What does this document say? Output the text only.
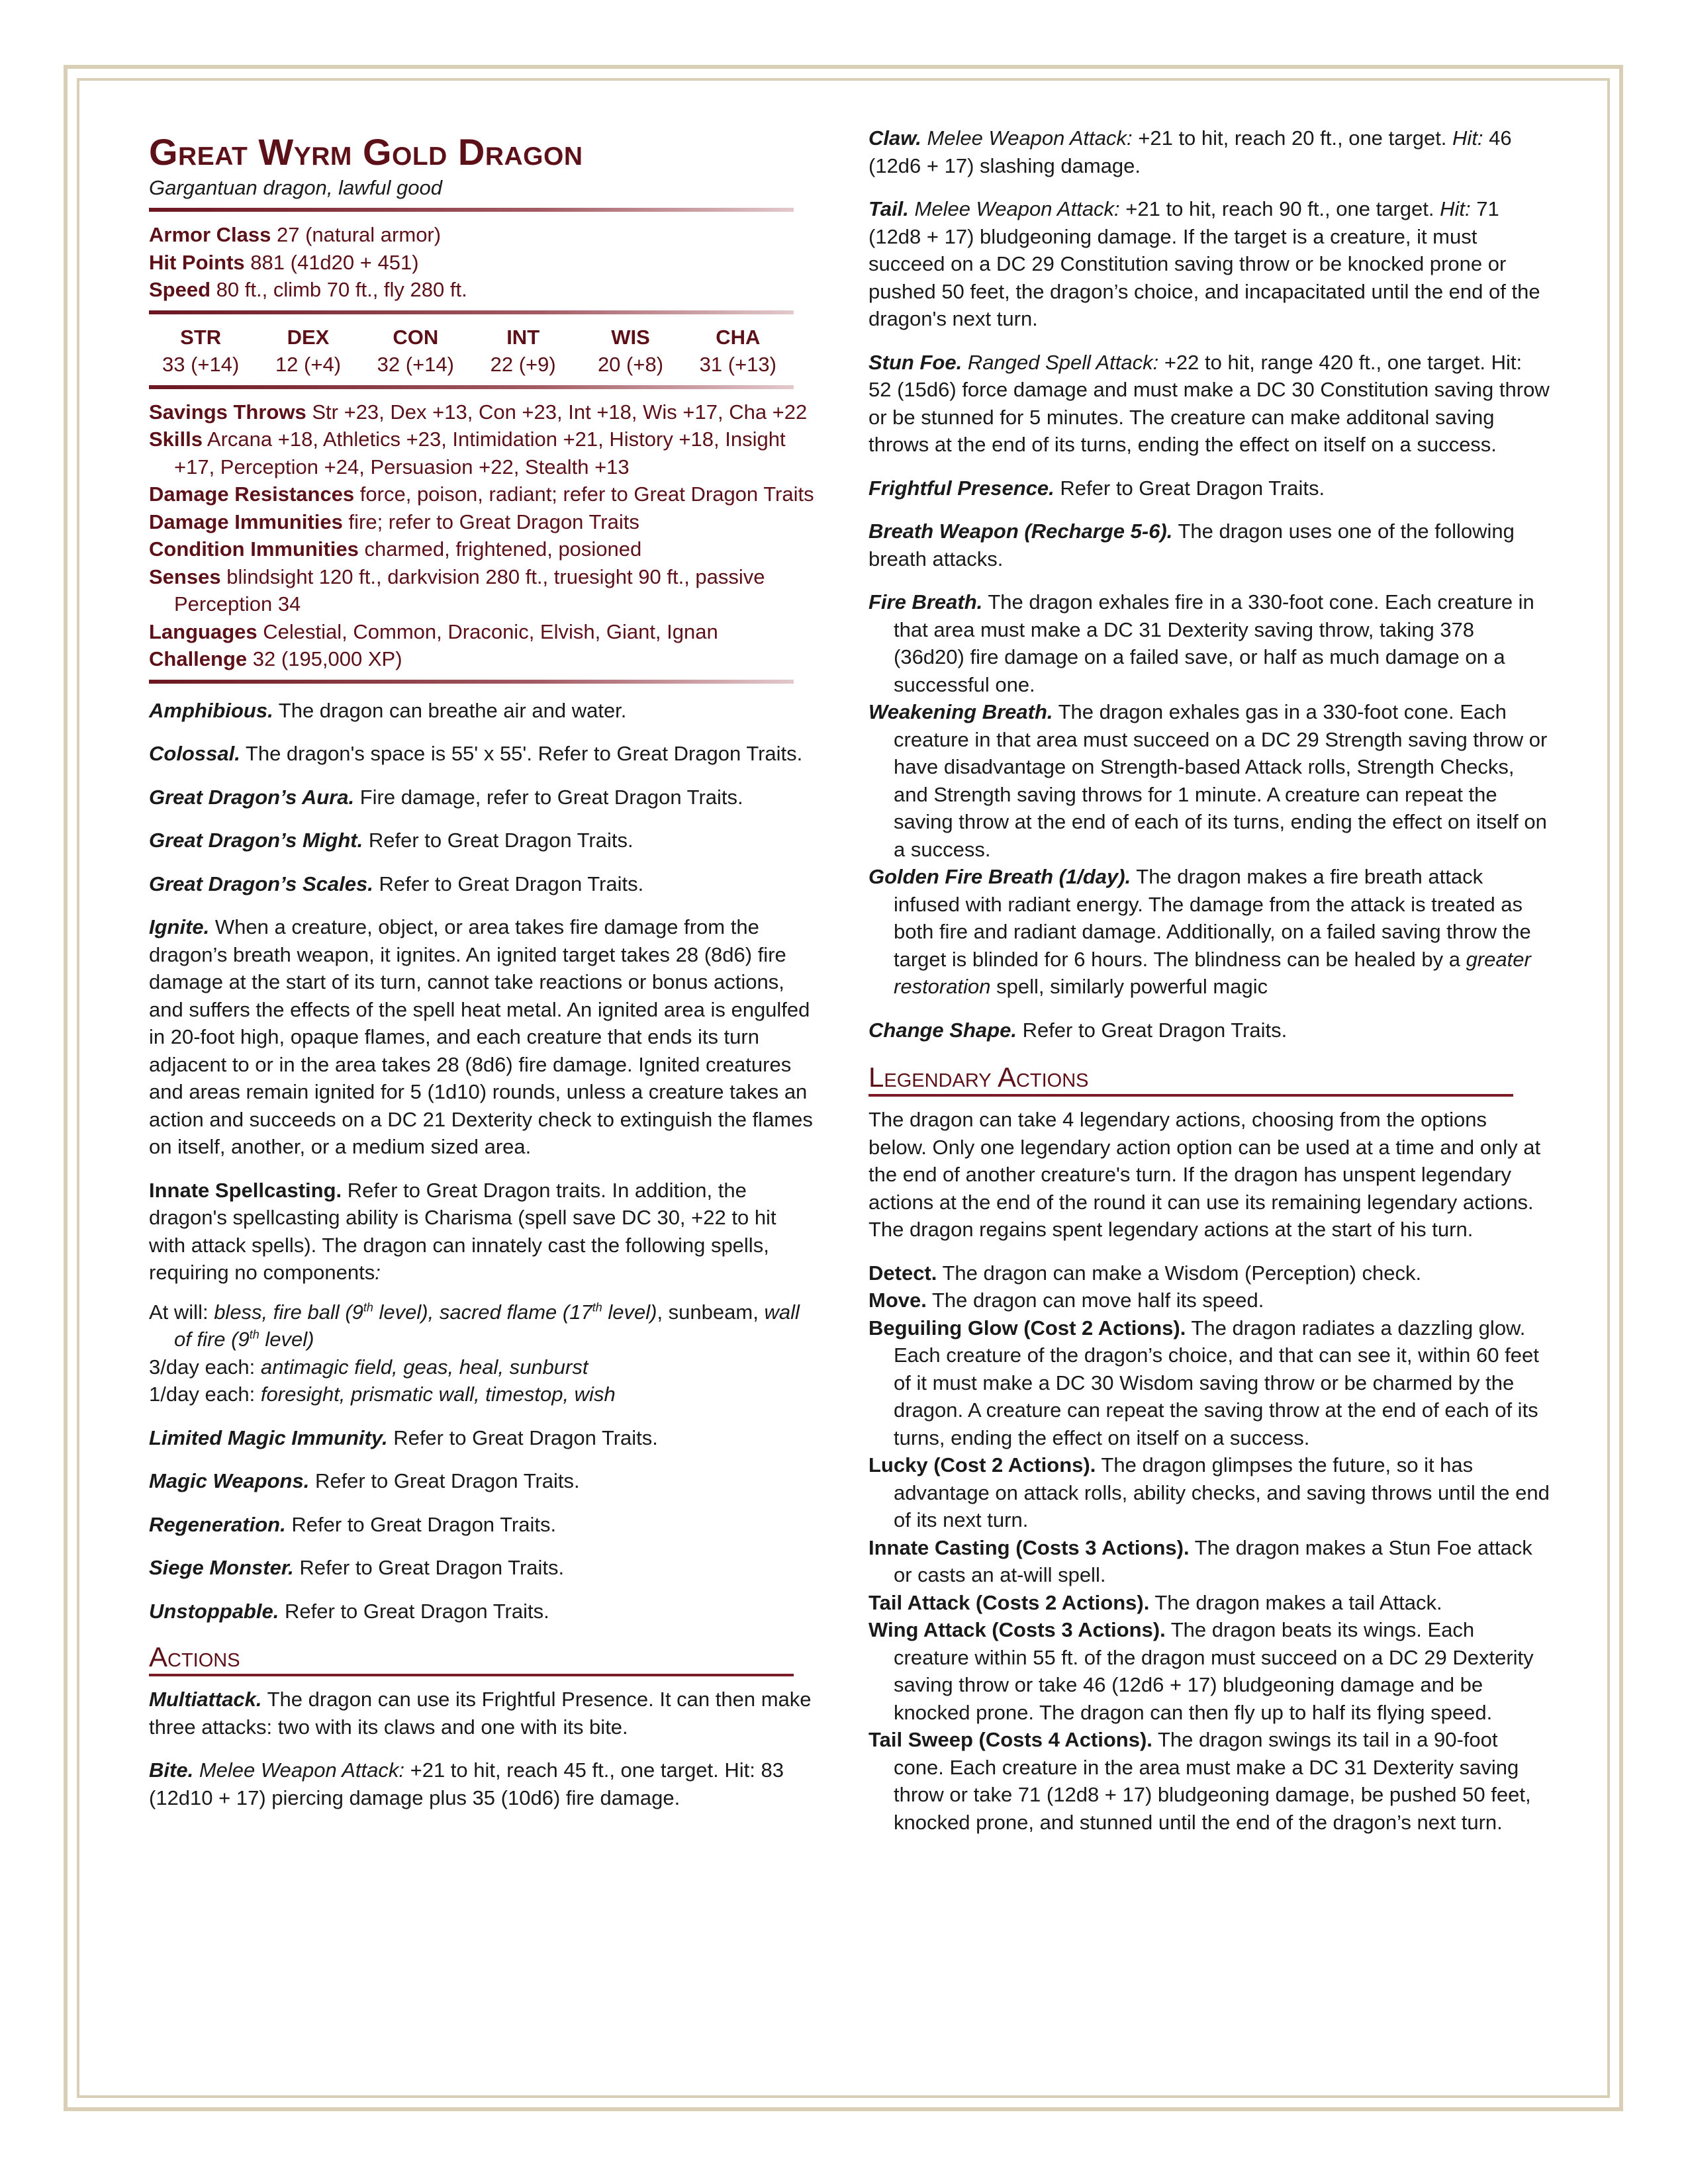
Great Wyrm Gold Dragon
Gargantuan dragon, lawful good

Armor Class 27 (natural armor)

Hit Points 881 (41d20 + 451)

Speed 80 ft., climb 70 ft., fly 280 ft.

STR	DEX	CON	INT	WIS	CHA
33 (+14)	12 (+4)	32 (+14)	22 (+9)	20 (+8)	31 (+13)

Savings Throws Str +23, Dex +13, Con +23, Int +18, Wis +17, Cha +22

Skills Arcana +18, Athletics +23, Intimidation +21, History +18, Insight +17, Perception +24, Persuasion +22, Stealth +13

Damage Resistances force, poison, radiant; refer to Great Dragon Traits

Damage Immunities fire; refer to Great Dragon Traits

Condition Immunities charmed, frightened, posioned

Senses blindsight 120 ft., darkvision 280 ft., truesight 90 ft., passive Perception 34

Languages Celestial, Common, Draconic, Elvish, Giant, Ignan

Challenge 32 (195,000 XP)

Amphibious. The dragon can breathe air and water.

Colossal. The dragon's space is 55' x 55'. Refer to Great Dragon Traits.

Great Dragon’s Aura. Fire damage, refer to Great Dragon Traits.

Great Dragon’s Might. Refer to Great Dragon Traits.

Great Dragon’s Scales. Refer to Great Dragon Traits.

Ignite. When a creature, object, or area takes fire damage from the dragon’s breath weapon, it ignites. An ignited target takes 28 (8d6) fire damage at the start of its turn, cannot take reactions or bonus actions, and suffers the effects of the spell heat metal. An ignited area is engulfed in 20-foot high, opaque flames, and each creature that ends its turn adjacent to or in the area takes 28 (8d6) fire damage. Ignited creatures and areas remain ignited for 5 (1d10) rounds, unless a creature takes an action and succeeds on a DC 21 Dexterity check to extinguish the flames on itself, another, or a medium sized area.

Innate Spellcasting. Refer to Great Dragon traits. In addition, the dragon's spellcasting ability is Charisma (spell save DC 30, +22 to hit with attack spells). The dragon can innately cast the following spells, requiring no components:

At will: bless, fire ball (9th level), sacred flame (17th level), sunbeam, wall of fire (9th level)

3/day each: antimagic field, geas, heal, sunburst

1/day each: foresight, prismatic wall, timestop, wish

Limited Magic Immunity. Refer to Great Dragon Traits.

Magic Weapons. Refer to Great Dragon Traits.

Regeneration. Refer to Great Dragon Traits.

Siege Monster. Refer to Great Dragon Traits.

Unstoppable. Refer to Great Dragon Traits.

Actions

Multiattack. The dragon can use its Frightful Presence. It can then make three attacks: two with its claws and one with its bite.

Bite. Melee Weapon Attack: +21 to hit, reach 45 ft., one target. Hit: 83 (12d10 + 17) piercing damage plus 35 (10d6) fire damage.

Claw. Melee Weapon Attack: +21 to hit, reach 20 ft., one target. Hit: 46 (12d6 + 17) slashing damage.

Tail. Melee Weapon Attack: +21 to hit, reach 90 ft., one target. Hit: 71 (12d8 + 17) bludgeoning damage. If the target is a creature, it must succeed on a DC 29 Constitution saving throw or be knocked prone or pushed 50 feet, the dragon’s choice, and incapacitated until the end of the dragon's next turn.

Stun Foe. Ranged Spell Attack: +22 to hit, range 420 ft., one target. Hit: 52 (15d6) force damage and must make a DC 30 Constitution saving throw or be stunned for 5 minutes. The creature can make additonal saving throws at the end of its turns, ending the effect on itself on a success.

Frightful Presence. Refer to Great Dragon Traits.

Breath Weapon (Recharge 5-6). The dragon uses one of the following breath attacks.

Fire Breath. The dragon exhales fire in a 330-foot cone. Each creature in that area must make a DC 31 Dexterity saving throw, taking 378 (36d20) fire damage on a failed save, or half as much damage on a successful one.

Weakening Breath. The dragon exhales gas in a 330-foot cone. Each creature in that area must succeed on a DC 29 Strength saving throw or have disadvantage on Strength-based Attack rolls, Strength Checks, and Strength saving throws for 1 minute. A creature can repeat the saving throw at the end of each of its turns, ending the effect on itself on a success.

Golden Fire Breath (1/day). The dragon makes a fire breath attack infused with radiant energy. The damage from the attack is treated as both fire and radiant damage. Additionally, on a failed saving throw the target is blinded for 6 hours. The blindness can be healed by a greater restoration spell, similarly powerful magic

Change Shape. Refer to Great Dragon Traits.

Legendary Actions

The dragon can take 4 legendary actions, choosing from the options below. Only one legendary action option can be used at a time and only at the end of another creature's turn. If the dragon has unspent legendary actions at the end of the round it can use its remaining legendary actions. The dragon regains spent legendary actions at the start of his turn.

Detect. The dragon can make a Wisdom (Perception) check.

Move. The dragon can move half its speed.

Beguiling Glow (Cost 2 Actions). The dragon radiates a dazzling glow. Each creature of the dragon’s choice, and that can see it, within 60 feet of it must make a DC 30 Wisdom saving throw or be charmed by the dragon. A creature can repeat the saving throw at the end of each of its turns, ending the effect on itself on a success.

Lucky (Cost 2 Actions). The dragon glimpses the future, so it has advantage on attack rolls, ability checks, and saving throws until the end of its next turn.

Innate Casting (Costs 3 Actions). The dragon makes a Stun Foe attack or casts an at-will spell.

Tail Attack (Costs 2 Actions). The dragon makes a tail Attack.

Wing Attack (Costs 3 Actions). The dragon beats its wings. Each creature within 55 ft. of the dragon must succeed on a DC 29 Dexterity saving throw or take 46 (12d6 + 17) bludgeoning damage and be knocked prone. The dragon can then fly up to half its flying speed.

Tail Sweep (Costs 4 Actions). The dragon swings its tail in a 90-foot cone. Each creature in the area must make a DC 31 Dexterity saving throw or take 71 (12d8 + 17) bludgeoning damage, be pushed 50 feet, knocked prone, and stunned until the end of the dragon’s next turn.
